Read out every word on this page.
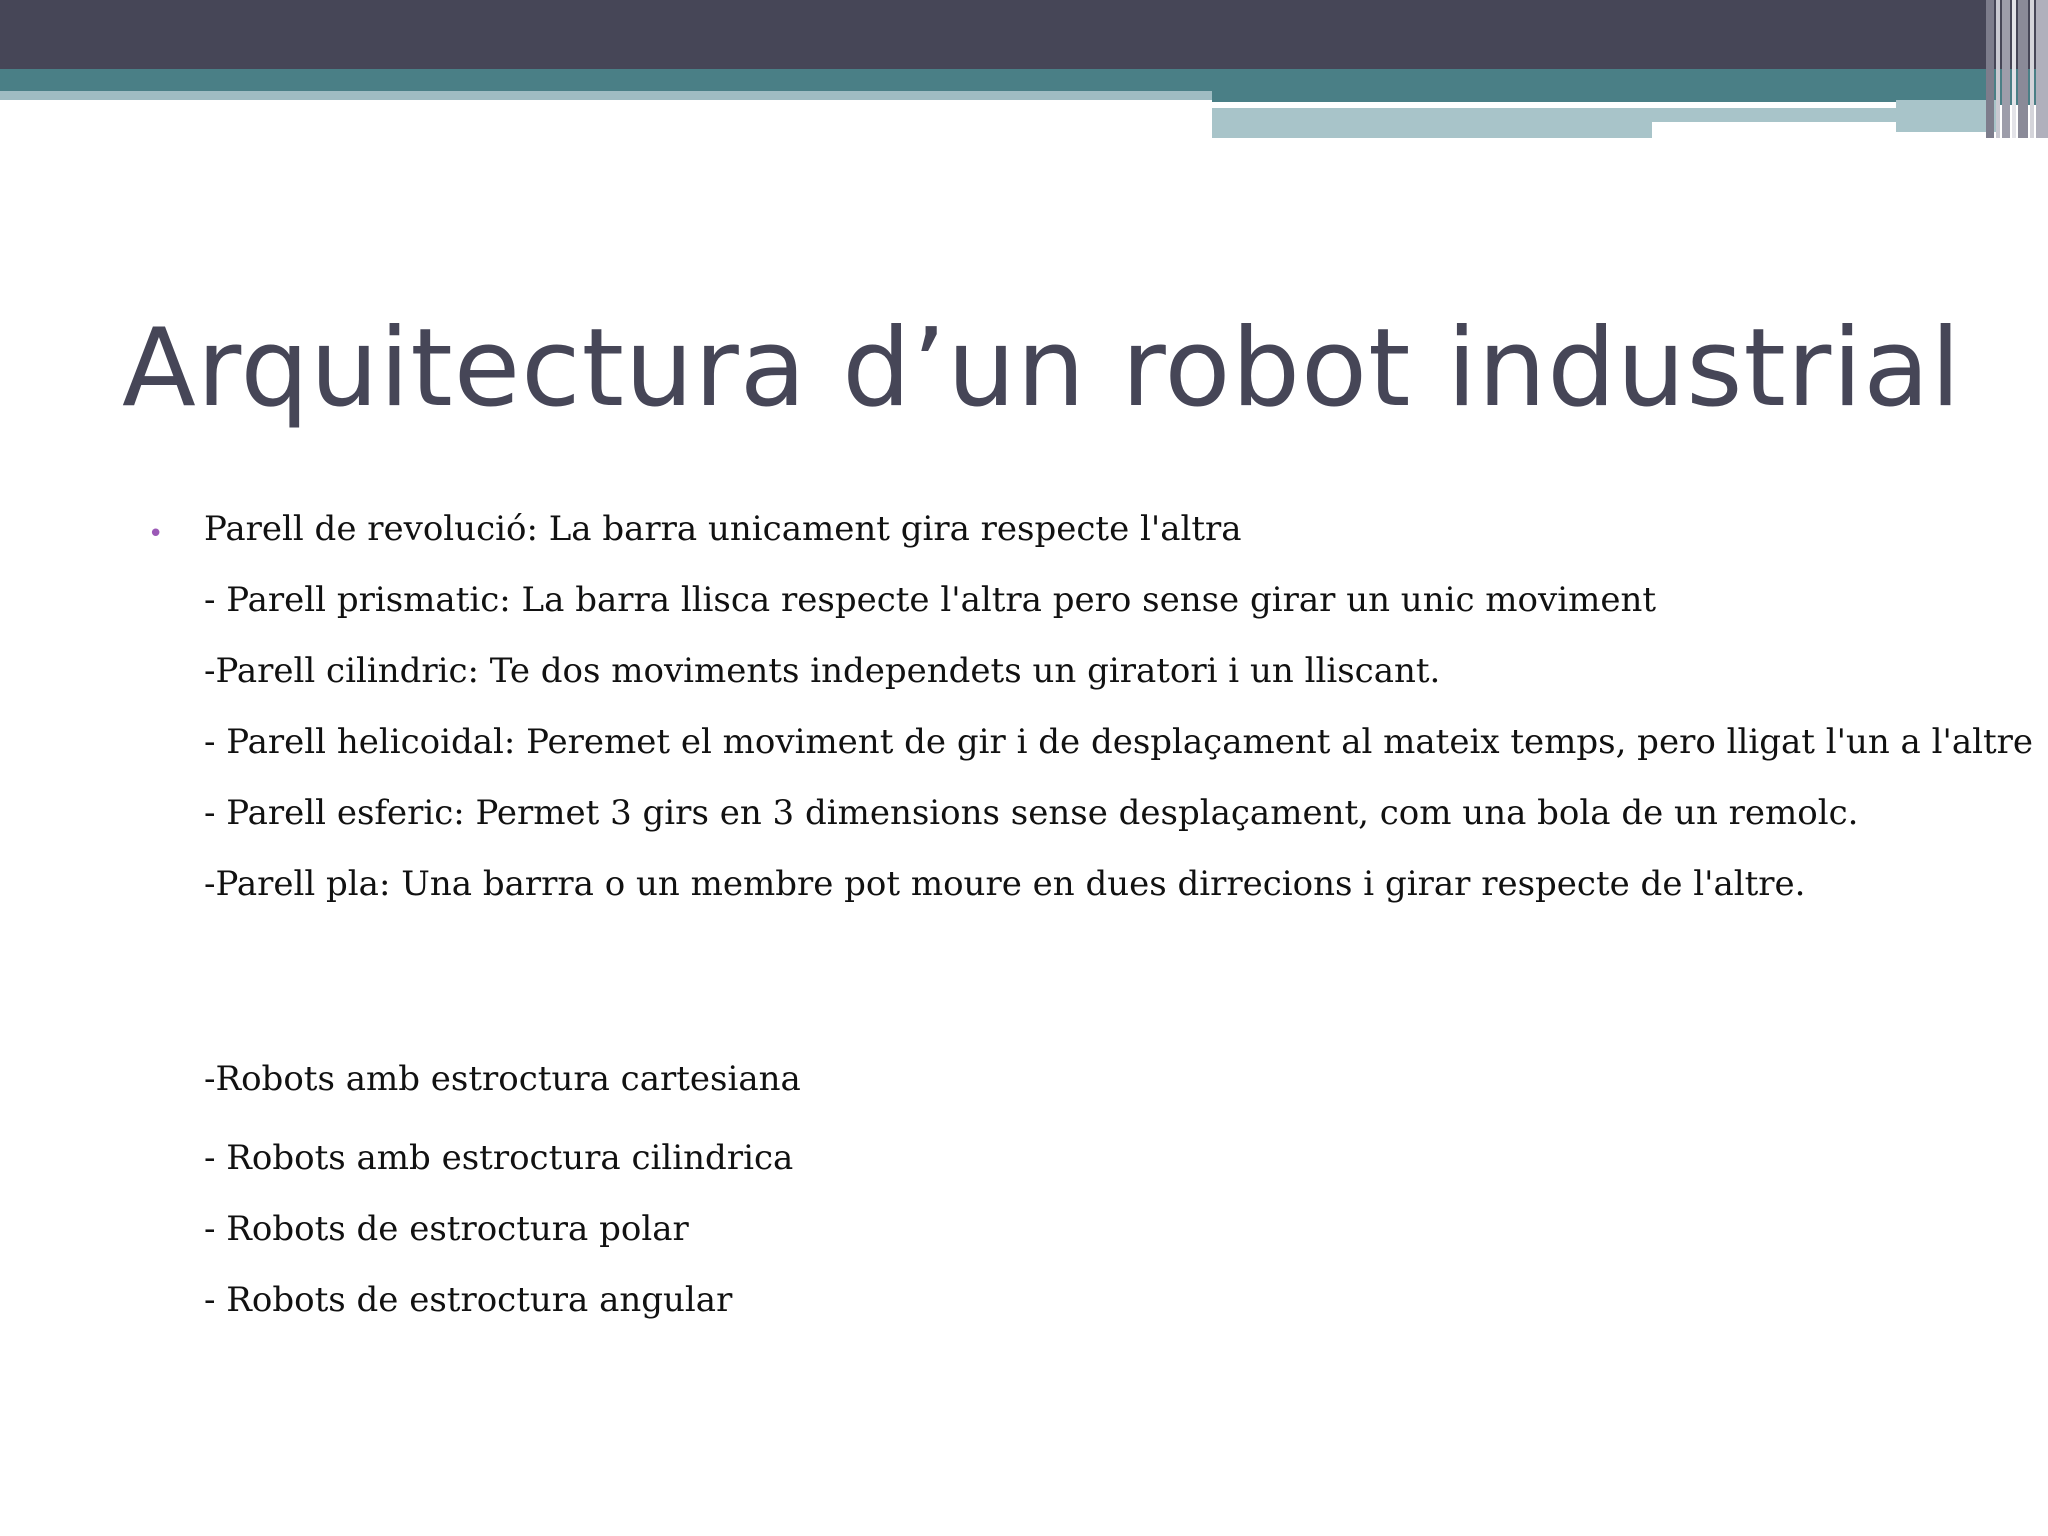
Arquitectura d’un robot industrial
• Parell de revolució: La barra unicament gira respecte l'altra
- Parell prismatic: La barra llisca respecte l'altra pero sense girar un unic moviment
-Parell cilindric: Te dos moviments independets un giratori i un lliscant.
- Parell helicoidal: Peremet el moviment de gir i de desplaçament al mateix temps, pero lligat l'un a l'altre
- Parell esferic: Permet 3 girs en 3 dimensions sense desplaçament, com una bola de un remolc.
-Parell pla: Una barrra o un membre pot moure en dues dirrecions i girar respecte de l'altre.
-Robots amb estroctura cartesiana
- Robots amb estroctura cilindrica
- Robots de estroctura polar
- Robots de estroctura angular
